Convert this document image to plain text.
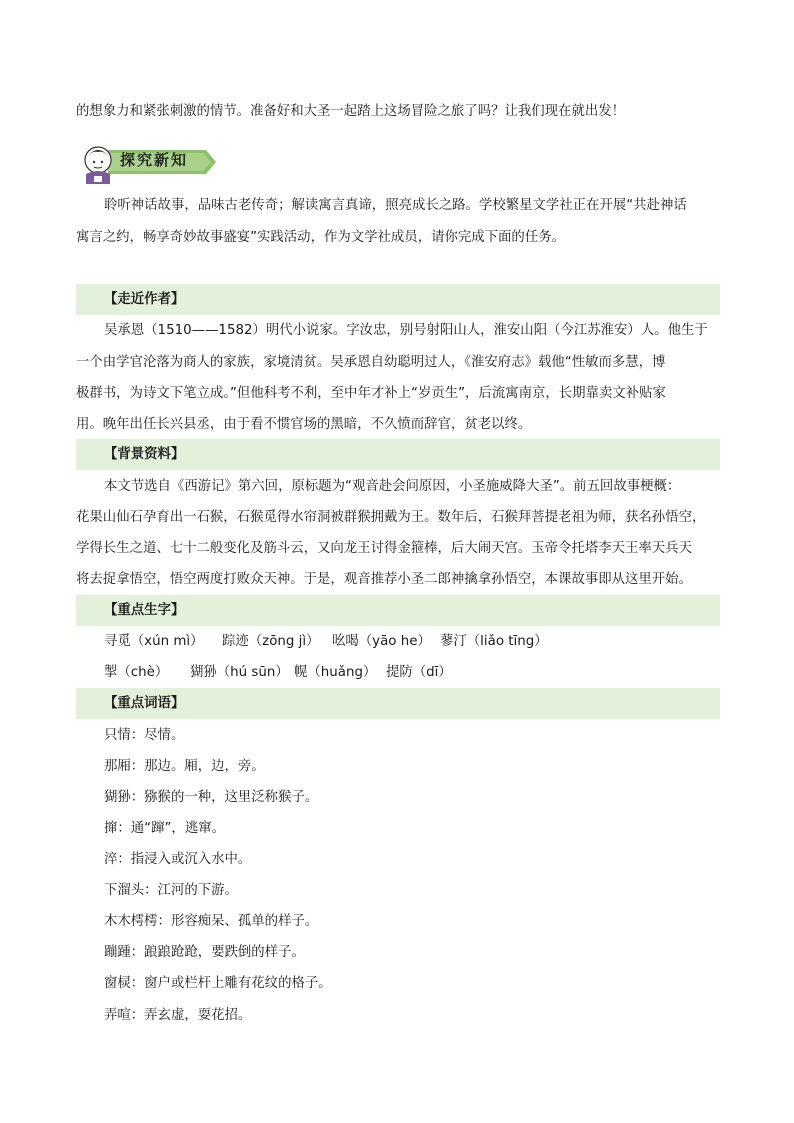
的想象力和紧张刺激的情节。准备好和大圣一起踏上这场冒险之旅了吗？让我们现在就出发！
探究新知
聆听神话故事，品味古老传奇；解读寓言真谛，照亮成长之路。学校繁星文学社正在开展“共赴神话
寓言之约，畅享奇妙故事盛宴”实践活动，作为文学社成员，请你完成下面的任务。
【走近作者】
吴承恩（1510——1582）明代小说家。字汝忠，别号射阳山人，淮安山阳（今江苏淮安）人。他生于
一个由学官沦落为商人的家族，家境清贫。吴承恩自幼聪明过人，《淮安府志》载他“性敏而多慧，博
极群书，为诗文下笔立成。”但他科考不利，至中年才补上“岁贡生”，后流寓南京，长期靠卖文补贴家
用。晚年出任长兴县丞，由于看不惯官场的黑暗，不久愤而辞官，贫老以终。
【背景资料】
本文节选自《西游记》第六回，原标题为“观音赴会问原因，小圣施威降大圣”。前五回故事梗概：
花果山仙石孕育出一石猴，石猴觅得水帘洞被群猴拥戴为王。数年后，石猴拜菩提老祖为师，获名孙悟空，
学得长生之道、七十二般变化及筋斗云，又向龙王讨得金箍棒，后大闹天宫。玉帝令托塔李天王率天兵天
将去捉拿悟空，悟空两度打败众天神。于是，观音推荐小圣二郎神擒拿孙悟空，本课故事即从这里开始。
【重点生字】
寻觅（xún mì） 踪迹（zōng jì） 吆喝（yāo he） 蓼汀（liǎo tīng）
掣（chè） 猢狲（hú sūn） 幌（huǎng） 提防（dī）
【重点词语】
只情：尽情。
那厢：那边。厢，边，旁。
猢狲：猕猴的一种，这里泛称猴子。
撺：通“蹿”，逃窜。
淬：指浸入或沉入水中。
下溜头：江河的下游。
木木樗樗：形容痴呆、孤单的样子。
蹦踵：踉踉跄跄，要跌倒的样子。
窗棂：窗户或栏杆上雕有花纹的格子。
弄喧：弄玄虚，耍花招。
